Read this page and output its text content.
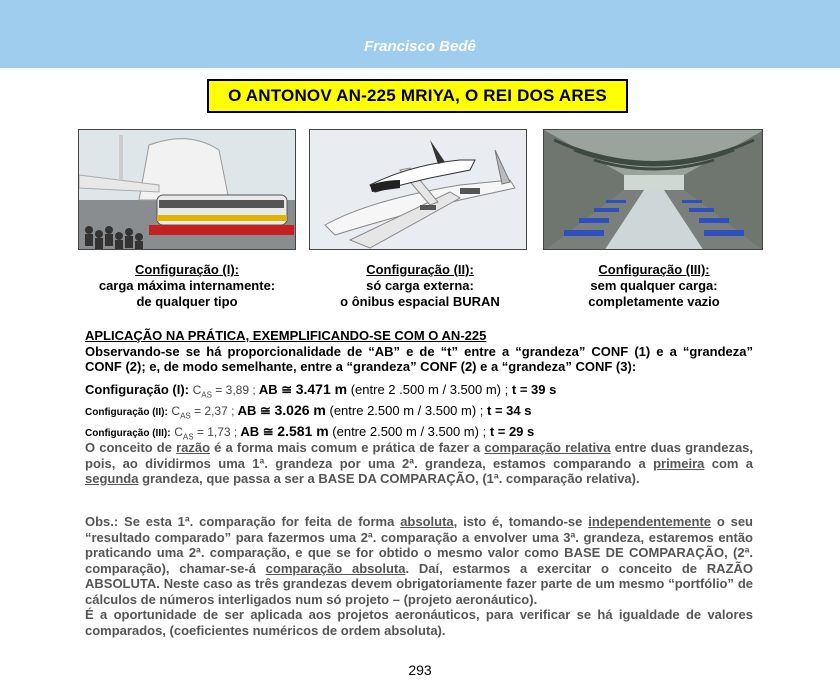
Francisco Bedê
O ANTONOV AN-225 MRIYA, O REI DOS ARES
Configuração (I):
carga máxima internamente:
de qualquer tipo
Configuração (II):
só carga externa:
o ônibus espacial BURAN
Configuração (III):
sem qualquer carga:
completamente vazio
APLICAÇÃO NA PRÁTICA, EXEMPLIFICANDO-SE COM O AN-225

Observando-se se há proporcionalidade de “AB” e de “t” entre a “grandeza” CONF (1) e a “grandeza” CONF (2); e, de modo semelhante, entre a “grandeza” CONF (2) e a “grandeza” CONF (3):

Configuração (I): $C_{AS} = 3,89$ ; AB ≅ 3.471 m (entre 2 .500 m / 3.500 m) ; t = 39 s
Configuração (II): $C_{AS} = 2,37$ ; AB ≅ 3.026 m (entre 2.500 m / 3.500 m) ; t = 34 s
Configuração (III): $C_{AS} = 1,73$ ; AB ≅ 2.581 m (entre 2.500 m / 3.500 m) ; t = 29 s

O conceito de razão é a forma mais comum e prática de fazer a comparação relativa entre duas grandezas, pois, ao dividirmos uma 1ª. grandeza por uma 2ª. grandeza, estamos comparando a primeira com a segunda grandeza, que passa a ser a BASE DA COMPARAÇÃO, (1ª. comparação relativa).

Obs.: Se esta 1ª. comparação for feita de forma absoluta, isto é, tomando-se independentemente o seu “resultado comparado” para fazermos uma 2ª. comparação a envolver uma 3ª. grandeza, estaremos então praticando uma 2ª. comparação, e que se for obtido o mesmo valor como BASE DE COMPARAÇÃO, (2ª. comparação), chamar-se-á comparação absoluta. Daí, estarmos a exercitar o conceito de RAZÃO ABSOLUTA. Neste caso as três grandezas devem obrigatoriamente fazer parte de um mesmo “portfólio” de cálculos de números interligados num só projeto – (projeto aeronáutico).

É a oportunidade de ser aplicada aos projetos aeronáuticos, para verificar se há igualdade de valores comparados, (coeficientes numéricos de ordem absoluta).

293
